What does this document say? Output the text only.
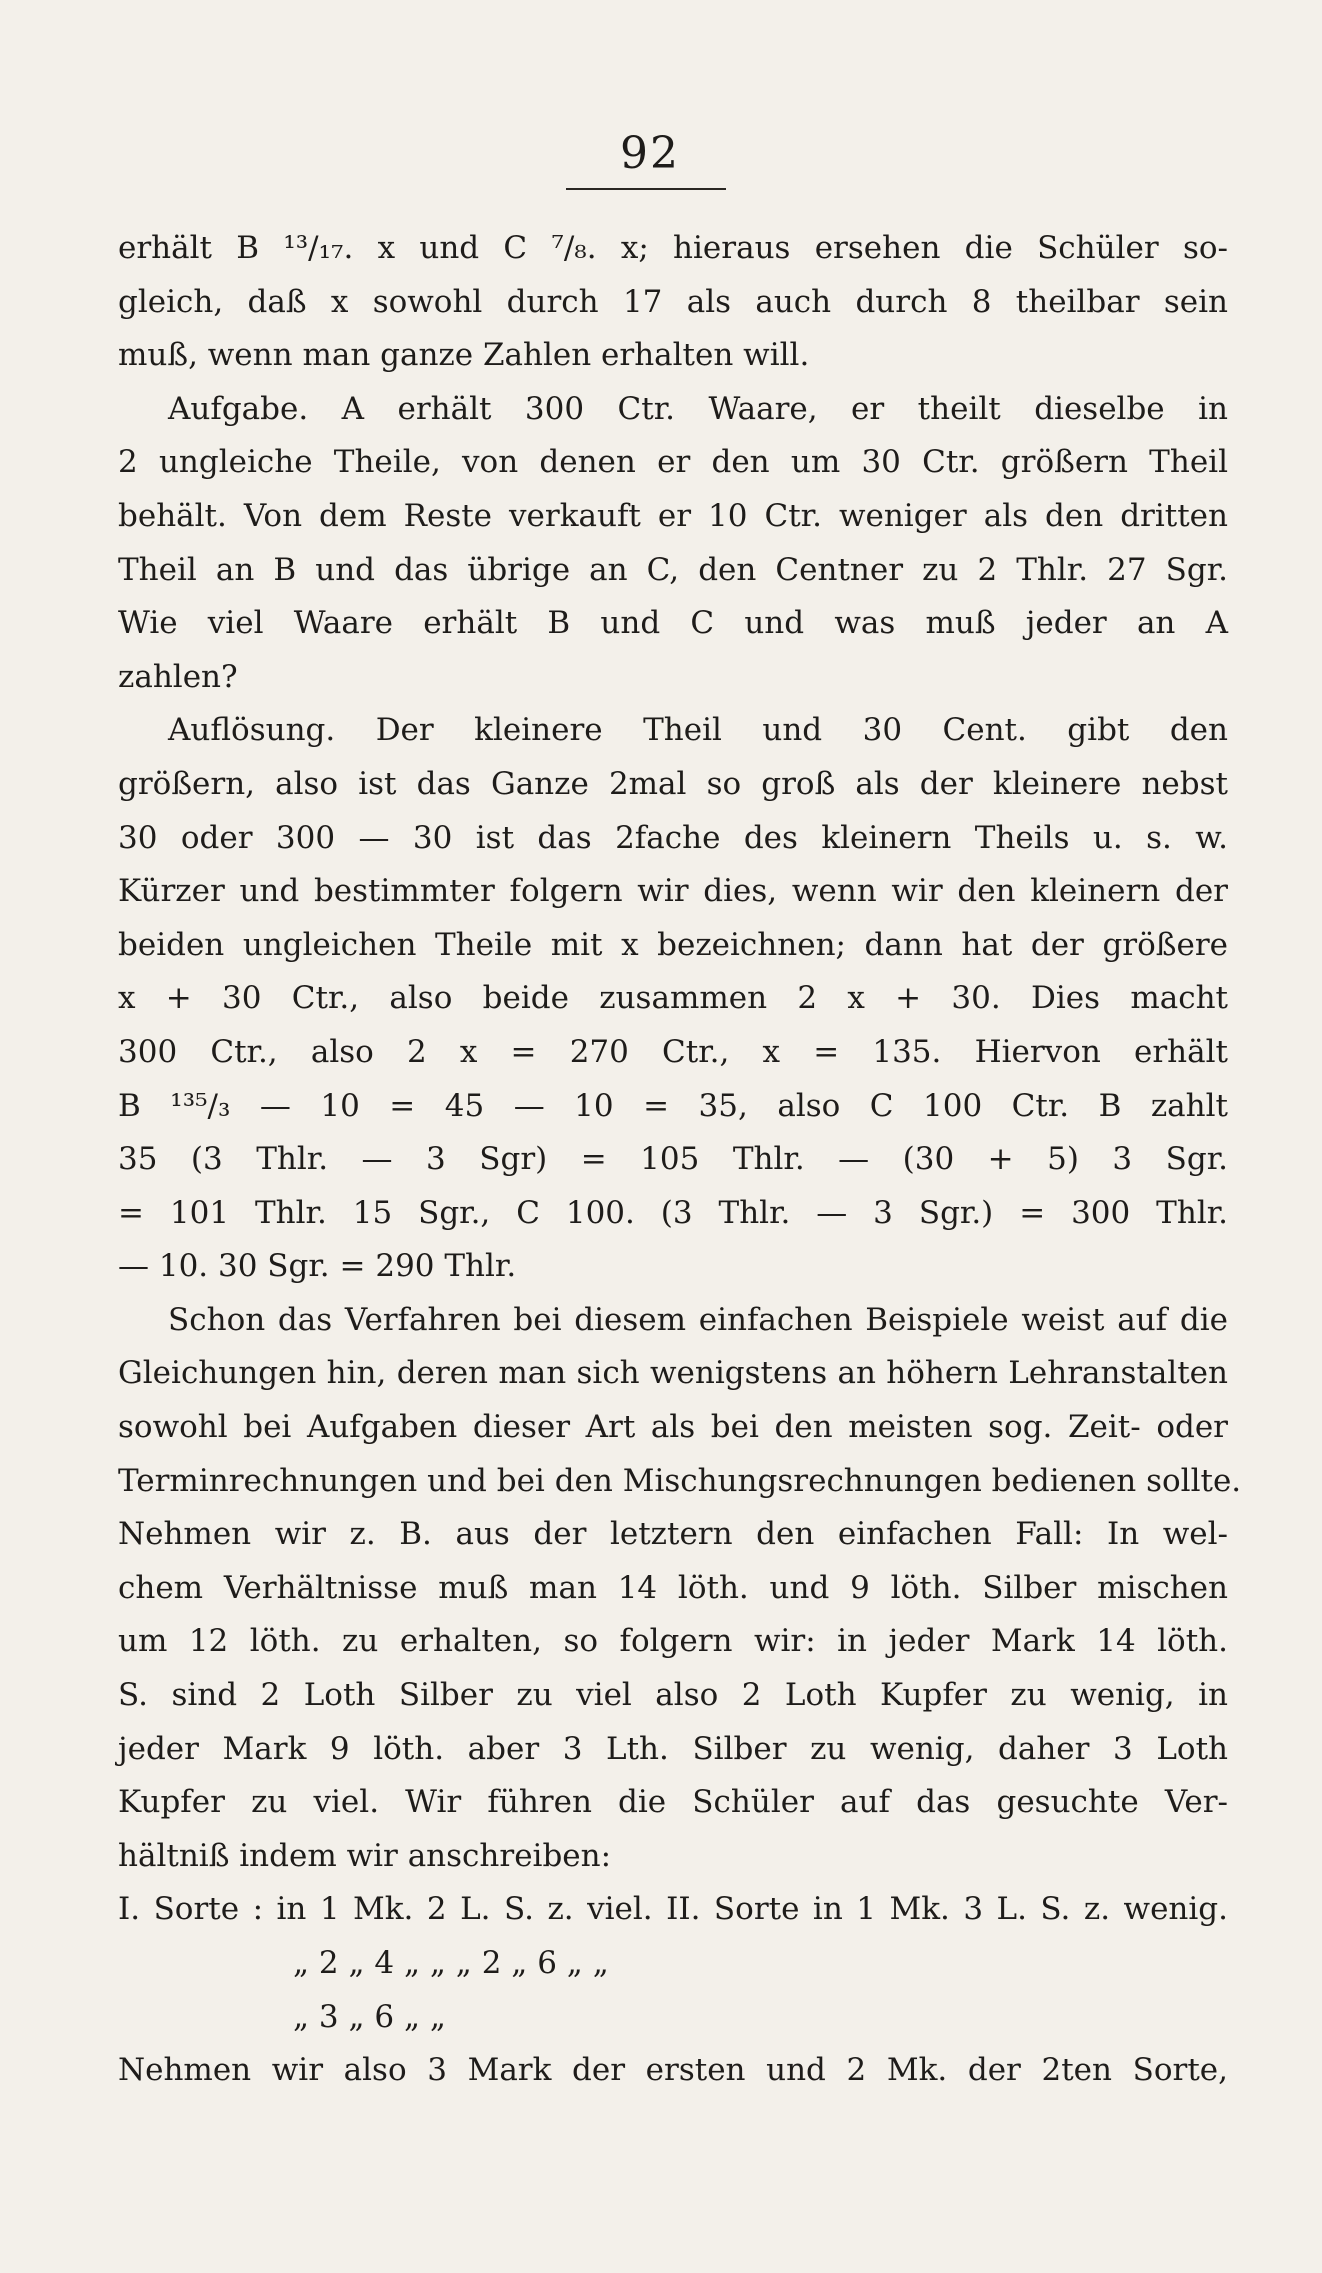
92
erhält B ¹³/₁₇. x und C ⁷/₈. x; hieraus ersehen die Schüler so-
gleich, daß x sowohl durch 17 als auch durch 8 theilbar sein
muß, wenn man ganze Zahlen erhalten will.
Aufgabe. A erhält 300 Ctr. Waare, er theilt dieselbe in
2 ungleiche Theile, von denen er den um 30 Ctr. größern Theil
behält. Von dem Reste verkauft er 10 Ctr. weniger als den dritten
Theil an B und das übrige an C, den Centner zu 2 Thlr. 27 Sgr.
Wie viel Waare erhält B und C und was muß jeder an A
zahlen?
Auflösung. Der kleinere Theil und 30 Cent. gibt den
größern, also ist das Ganze 2mal so groß als der kleinere nebst
30 oder 300 — 30 ist das 2fache des kleinern Theils u. s. w.
Kürzer und bestimmter folgern wir dies, wenn wir den kleinern der
beiden ungleichen Theile mit x bezeichnen; dann hat der größere
x + 30 Ctr., also beide zusammen 2 x + 30. Dies macht
300 Ctr., also 2 x = 270 Ctr., x = 135. Hiervon erhält
B ¹³⁵/₃ — 10 = 45 — 10 = 35, also C 100 Ctr. B zahlt
35 (3 Thlr. — 3 Sgr) = 105 Thlr. — (30 + 5) 3 Sgr.
= 101 Thlr. 15 Sgr., C 100. (3 Thlr. — 3 Sgr.) = 300 Thlr.
— 10. 30 Sgr. = 290 Thlr.
Schon das Verfahren bei diesem einfachen Beispiele weist auf die
Gleichungen hin, deren man sich wenigstens an höhern Lehranstalten
sowohl bei Aufgaben dieser Art als bei den meisten sog. Zeit- oder
Terminrechnungen und bei den Mischungsrechnungen bedienen sollte.
Nehmen wir z. B. aus der letztern den einfachen Fall: In wel-
chem Verhältnisse muß man 14 löth. und 9 löth. Silber mischen
um 12 löth. zu erhalten, so folgern wir: in jeder Mark 14 löth.
S. sind 2 Loth Silber zu viel also 2 Loth Kupfer zu wenig, in
jeder Mark 9 löth. aber 3 Lth. Silber zu wenig, daher 3 Loth
Kupfer zu viel. Wir führen die Schüler auf das gesuchte Ver-
hältniß indem wir anschreiben:
I. Sorte : in 1 Mk. 2 L. S. z. viel. II. Sorte in 1 Mk. 3 L. S. z. wenig.
„ 2 „ 4 „ „ „ 2 „ 6 „ „
„ 3 „ 6 „ „
Nehmen wir also 3 Mark der ersten und 2 Mk. der 2ten Sorte,
